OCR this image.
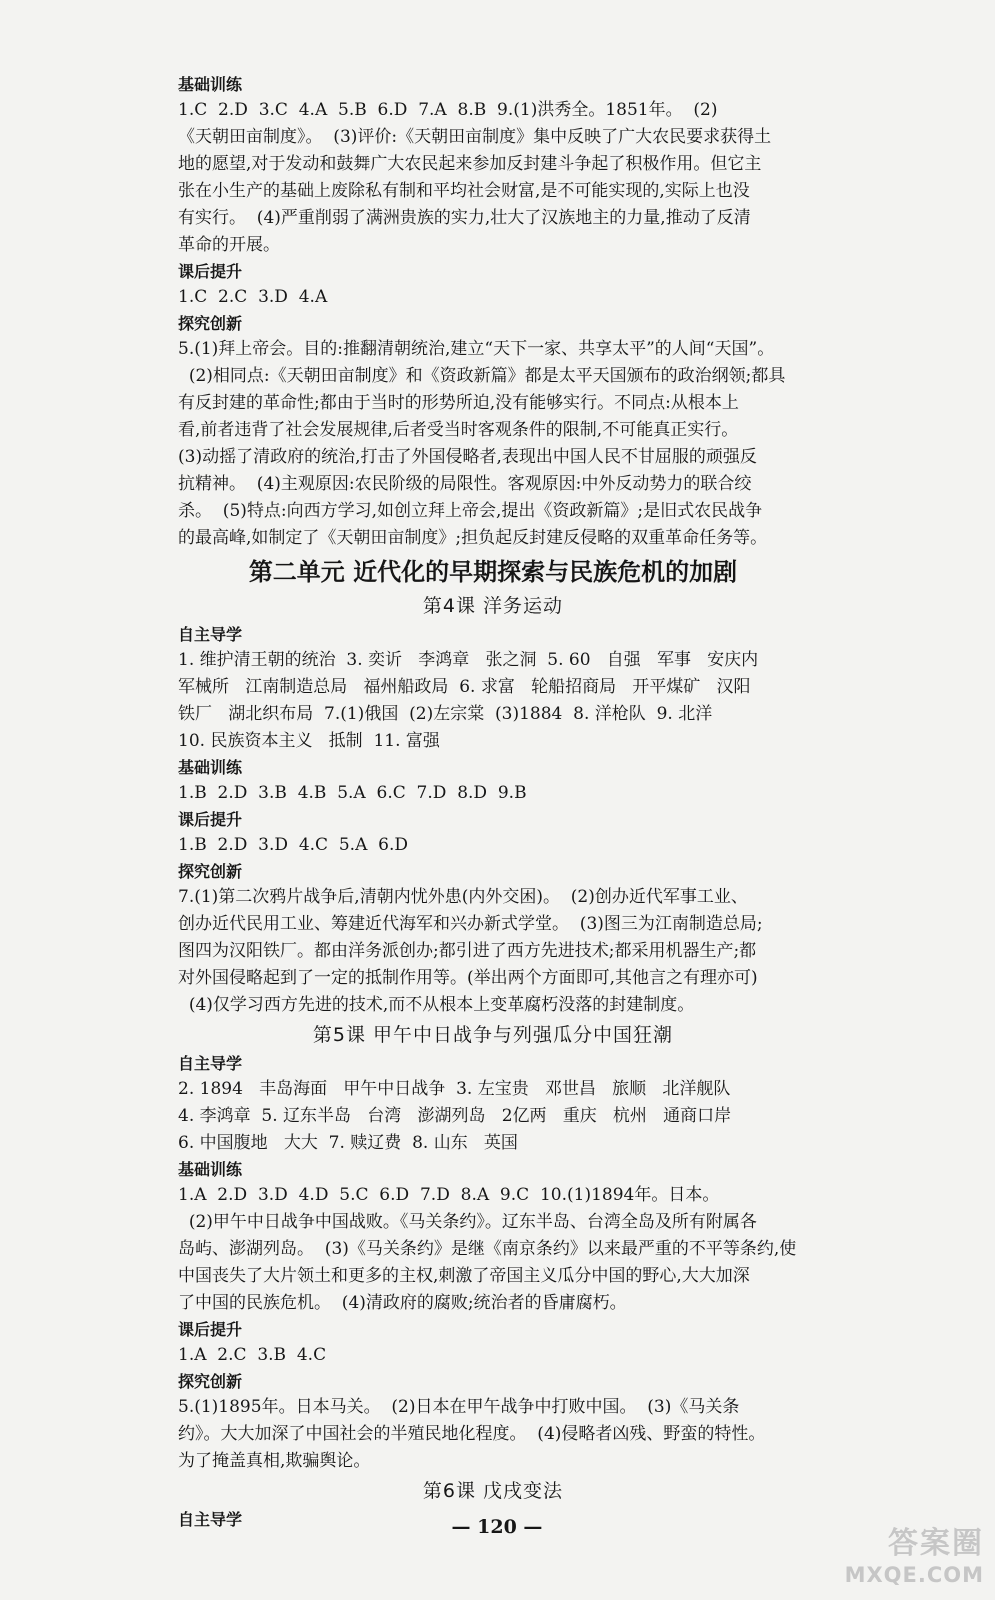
基础训练
1.C  2.D  3.C  4.A  5.B  6.D  7.A  8.B  9.(1)洪秀全。1851年。  (2)
《天朝田亩制度》。  (3)评价:《天朝田亩制度》集中反映了广大农民要求获得土
地的愿望,对于发动和鼓舞广大农民起来参加反封建斗争起了积极作用。但它主
张在小生产的基础上废除私有制和平均社会财富,是不可能实现的,实际上也没
有实行。  (4)严重削弱了满洲贵族的实力,壮大了汉族地主的力量,推动了反清
革命的开展。
课后提升
1.C  2.C  3.D  4.A
探究创新
5.(1)拜上帝会。目的:推翻清朝统治,建立“天下一家、共享太平”的人间“天国”。
(2)相同点:《天朝田亩制度》和《资政新篇》都是太平天国颁布的政治纲领;都具
有反封建的革命性;都由于当时的形势所迫,没有能够实行。不同点:从根本上
看,前者违背了社会发展规律,后者受当时客观条件的限制,不可能真正实行。
(3)动摇了清政府的统治,打击了外国侵略者,表现出中国人民不甘屈服的顽强反
抗精神。  (4)主观原因:农民阶级的局限性。客观原因:中外反动势力的联合绞
杀。  (5)特点:向西方学习,如创立拜上帝会,提出《资政新篇》;是旧式农民战争
的最高峰,如制定了《天朝田亩制度》;担负起反封建反侵略的双重革命任务等。
第二单元 近代化的早期探索与民族危机的加剧
第4课 洋务运动
自主导学
1. 维护清王朝的统治  3. 奕䜣   李鸿章   张之洞  5. 60   自强   军事   安庆内
军械所   江南制造总局   福州船政局  6. 求富   轮船招商局   开平煤矿   汉阳
铁厂   湖北织布局  7.(1)俄国  (2)左宗棠  (3)1884  8. 洋枪队  9. 北洋
10. 民族资本主义   抵制  11. 富强
基础训练
1.B  2.D  3.B  4.B  5.A  6.C  7.D  8.D  9.B
课后提升
1.B  2.D  3.D  4.C  5.A  6.D
探究创新
7.(1)第二次鸦片战争后,清朝内忧外患(内外交困)。  (2)创办近代军事工业、
创办近代民用工业、筹建近代海军和兴办新式学堂。  (3)图三为江南制造总局;
图四为汉阳铁厂。都由洋务派创办;都引进了西方先进技术;都采用机器生产;都
对外国侵略起到了一定的抵制作用等。(举出两个方面即可,其他言之有理亦可)
(4)仅学习西方先进的技术,而不从根本上变革腐朽没落的封建制度。
第5课 甲午中日战争与列强瓜分中国狂潮
自主导学
2. 1894   丰岛海面   甲午中日战争  3. 左宝贵   邓世昌   旅顺   北洋舰队
4. 李鸿章  5. 辽东半岛   台湾   澎湖列岛   2亿两   重庆   杭州   通商口岸
6. 中国腹地   大大  7. 赎辽费  8. 山东   英国
基础训练
1.A  2.D  3.D  4.D  5.C  6.D  7.D  8.A  9.C  10.(1)1894年。日本。
(2)甲午中日战争中国战败。《马关条约》。辽东半岛、台湾全岛及所有附属各
岛屿、澎湖列岛。  (3)《马关条约》是继《南京条约》以来最严重的不平等条约,使
中国丧失了大片领土和更多的主权,刺激了帝国主义瓜分中国的野心,大大加深
了中国的民族危机。  (4)清政府的腐败;统治者的昏庸腐朽。
课后提升
1.A  2.C  3.B  4.C
探究创新
5.(1)1895年。日本马关。  (2)日本在甲午战争中打败中国。  (3)《马关条
约》。大大加深了中国社会的半殖民地化程度。  (4)侵略者凶残、野蛮的特性。
为了掩盖真相,欺骗舆论。
第6课 戊戌变法
自主导学	— 120 —	答案圈
MXQE.COM
